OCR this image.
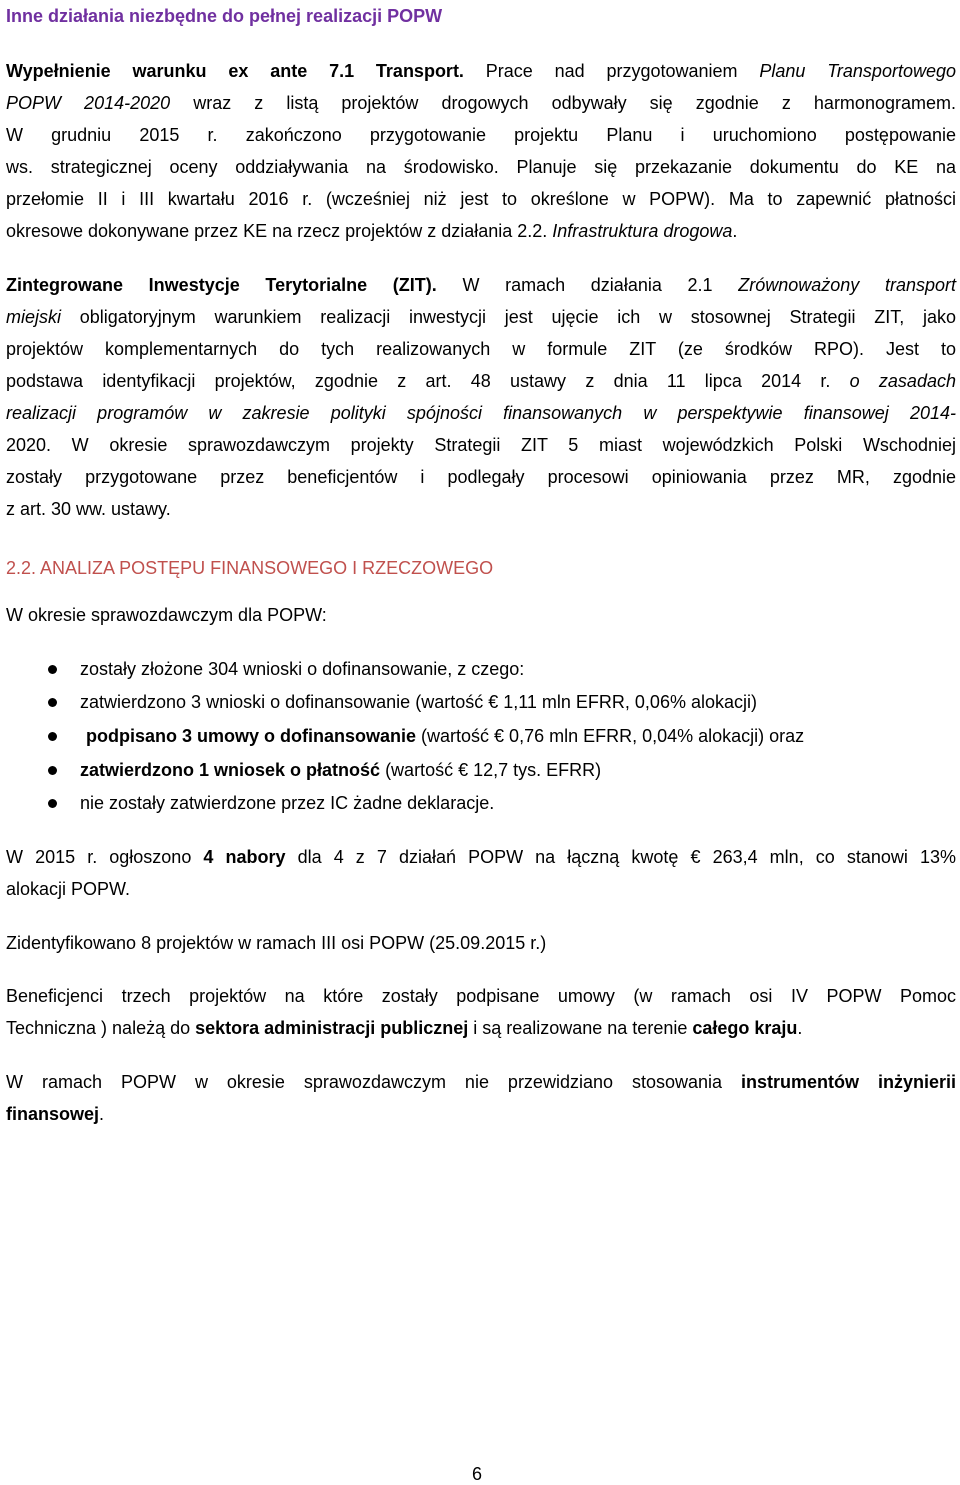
Inne działania niezbędne do pełnej realizacji POPW
Wypełnienie warunku ex ante 7.1 Transport. Prace nad przygotowaniem Planu Transportowego
POPW 2014-2020 wraz z listą projektów drogowych odbywały się zgodnie z harmonogramem.
W grudniu 2015 r. zakończono przygotowanie projektu Planu i uruchomiono postępowanie
ws. strategicznej oceny oddziaływania na środowisko. Planuje się przekazanie dokumentu do KE na
przełomie II i III kwartału 2016 r. (wcześniej niż jest to określone w POPW). Ma to zapewnić płatności
okresowe dokonywane przez KE na rzecz projektów z działania 2.2. Infrastruktura drogowa.
Zintegrowane Inwestycje Terytorialne (ZIT). W ramach działania 2.1 Zrównoważony transport
miejski obligatoryjnym warunkiem realizacji inwestycji jest ujęcie ich w stosownej Strategii ZIT, jako
projektów komplementarnych do tych realizowanych w formule ZIT (ze środków RPO). Jest to
podstawa identyfikacji projektów, zgodnie z art. 48 ustawy z dnia 11 lipca 2014 r. o zasadach
realizacji programów w zakresie polityki spójności finansowanych w perspektywie finansowej 2014-
2020. W okresie sprawozdawczym projekty Strategii ZIT 5 miast wojewódzkich Polski Wschodniej
zostały przygotowane przez beneficjentów i podlegały procesowi opiniowania przez MR, zgodnie
z art. 30 ww. ustawy.
2.2. ANALIZA POSTĘPU FINANSOWEGO I RZECZOWEGO
W okresie sprawozdawczym dla POPW:
zostały złożone 304 wnioski o dofinansowanie, z czego:
zatwierdzono 3 wnioski o dofinansowanie (wartość € 1,11 mln EFRR, 0,06% alokacji)
podpisano 3 umowy o dofinansowanie (wartość € 0,76 mln EFRR, 0,04% alokacji) oraz
zatwierdzono 1 wniosek o płatność (wartość € 12,7 tys. EFRR)
nie zostały zatwierdzone przez IC żadne deklaracje.
W 2015 r. ogłoszono 4 nabory dla 4 z 7 działań POPW na łączną kwotę € 263,4 mln, co stanowi 13%
alokacji POPW.
Zidentyfikowano 8 projektów w ramach III osi POPW (25.09.2015 r.)
Beneficjenci trzech projektów na które zostały podpisane umowy (w ramach osi IV POPW Pomoc
Techniczna ) należą do sektora administracji publicznej i są realizowane na terenie całego kraju.
W ramach POPW w okresie sprawozdawczym nie przewidziano stosowania instrumentów inżynierii
finansowej.
6
